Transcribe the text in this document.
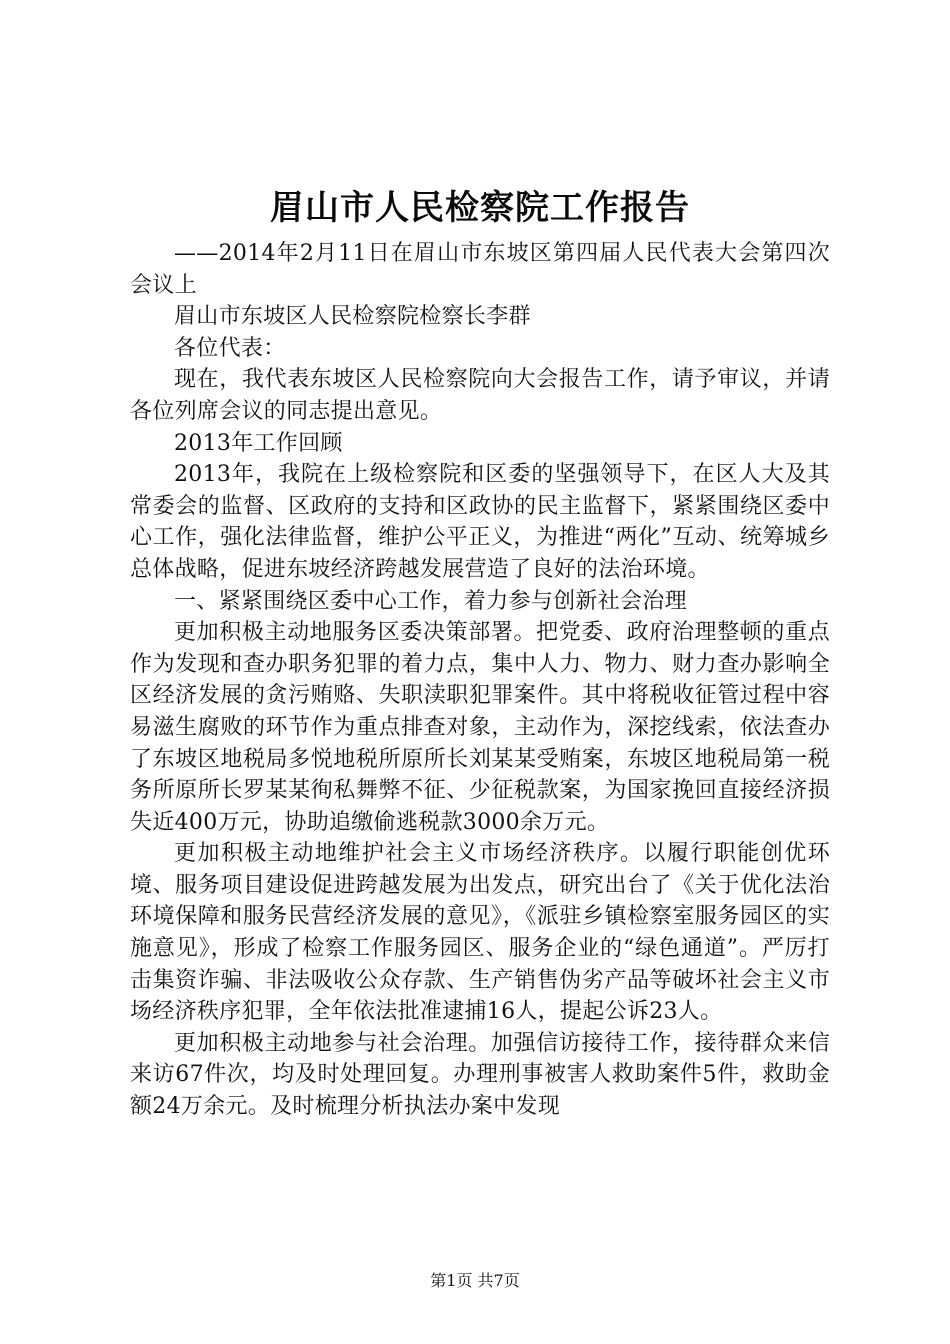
眉山市人民检察院工作报告

——2014年2月11日在眉山市东坡区第四届人民代表大会第四次会议上

眉山市东坡区人民检察院检察长李群

各位代表：

现在，我代表东坡区人民检察院向大会报告工作，请予审议，并请各位列席会议的同志提出意见。

2013年工作回顾

2013年，我院在上级检察院和区委的坚强领导下，在区人大及其常委会的监督、区政府的支持和区政协的民主监督下，紧紧围绕区委中心工作，强化法律监督，维护公平正义，为推进“两化”互动、统筹城乡总体战略，促进东坡经济跨越发展营造了良好的法治环境。

一、紧紧围绕区委中心工作，着力参与创新社会治理

更加积极主动地服务区委决策部署。把党委、政府治理整顿的重点作为发现和查办职务犯罪的着力点，集中人力、物力、财力查办影响全区经济发展的贪污贿赂、失职渎职犯罪案件。其中将税收征管过程中容易滋生腐败的环节作为重点排查对象，主动作为，深挖线索，依法查办了东坡区地税局多悦地税所原所长刘某某受贿案，东坡区地税局第一税务所原所长罗某某徇私舞弊不征、少征税款案，为国家挽回直接经济损失近400万元，协助追缴偷逃税款3000余万元。

更加积极主动地维护社会主义市场经济秩序。以履行职能创优环境、服务项目建设促进跨越发展为出发点，研究出台了《关于优化法治环境保障和服务民营经济发展的意见》，《派驻乡镇检察室服务园区的实施意见》，形成了检察工作服务园区、服务企业的“绿色通道”。严厉打击集资诈骗、非法吸收公众存款、生产销售伪劣产品等破坏社会主义市场经济秩序犯罪，全年依法批准逮捕16人，提起公诉23人。

更加积极主动地参与社会治理。加强信访接待工作，接待群众来信来访67件次，均及时处理回复。办理刑事被害人救助案件5件，救助金额24万余元。及时梳理分析执法办案中发现

第1页 共7页
